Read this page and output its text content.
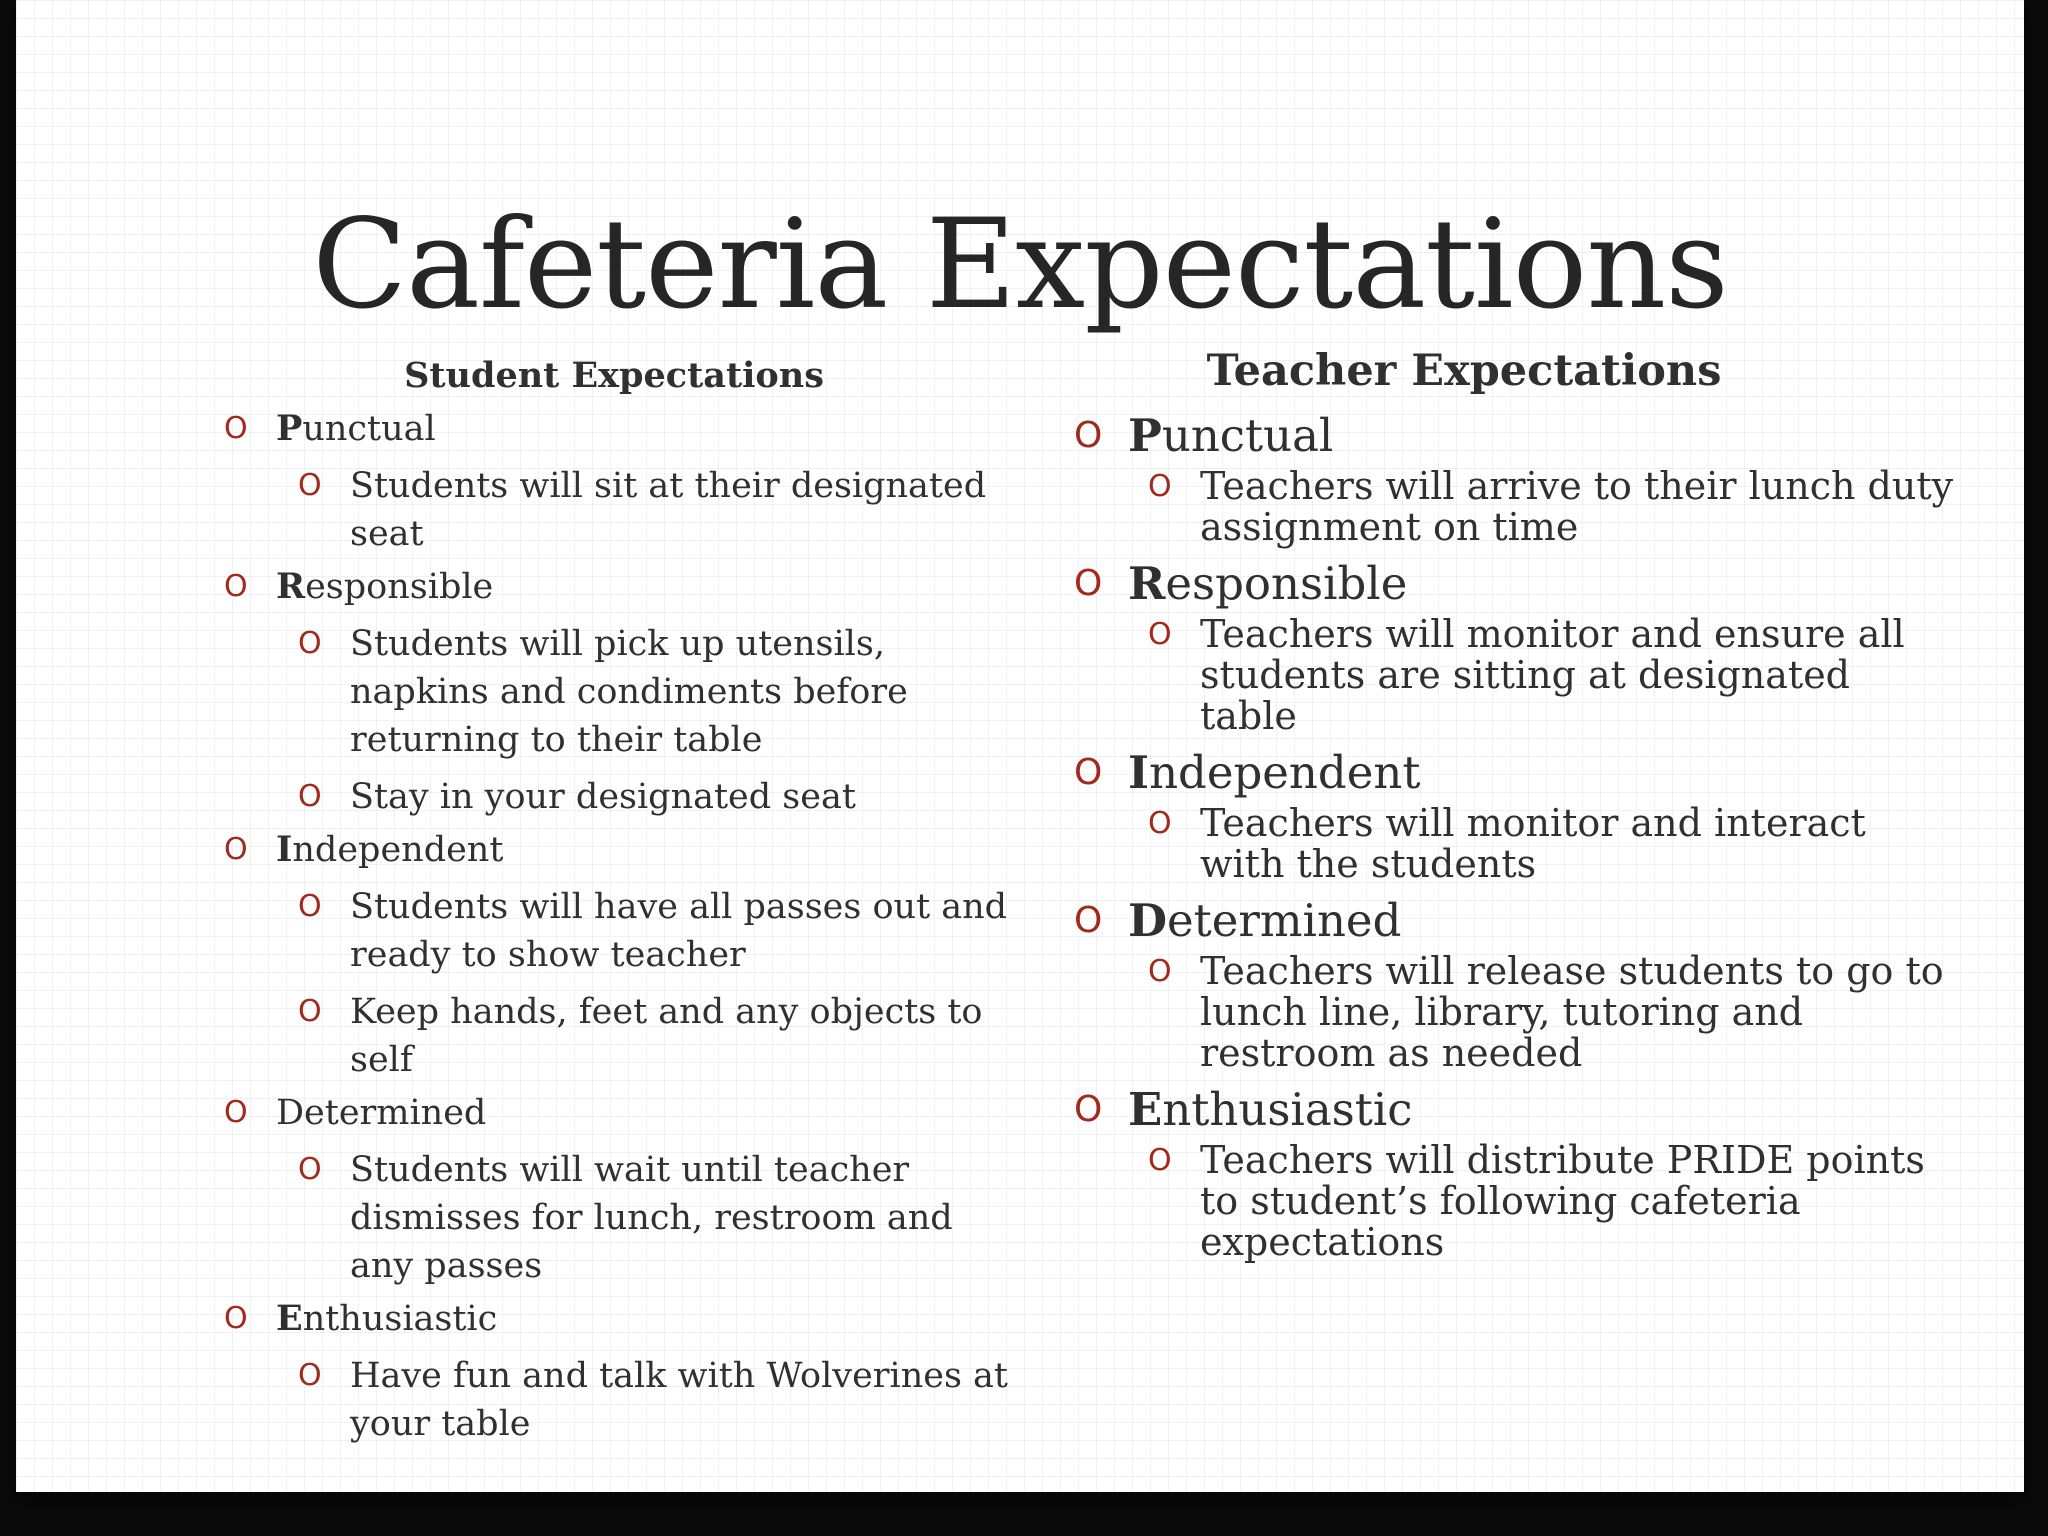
Cafeteria Expectations
Student Expectations
O Punctual
O Students will sit at their designated seat
O Responsible
O Students will pick up utensils, napkins and condiments before returning to their table
O Stay in your designated seat
O Independent
O Students will have all passes out and ready to show teacher
O Keep hands, feet and any objects to self
O Determined
O Students will wait until teacher dismisses for lunch, restroom and any passes
O Enthusiastic
O Have fun and talk with Wolverines at your table
Teacher Expectations
O Punctual
O Teachers will arrive to their lunch duty assignment on time
O Responsible
O Teachers will monitor and ensure all students are sitting at designated table
O Independent
O Teachers will monitor and interact with the students
O Determined
O Teachers will release students to go to lunch line, library, tutoring and restroom as needed
O Enthusiastic
O Teachers will distribute PRIDE points to student’s following cafeteria expectations
